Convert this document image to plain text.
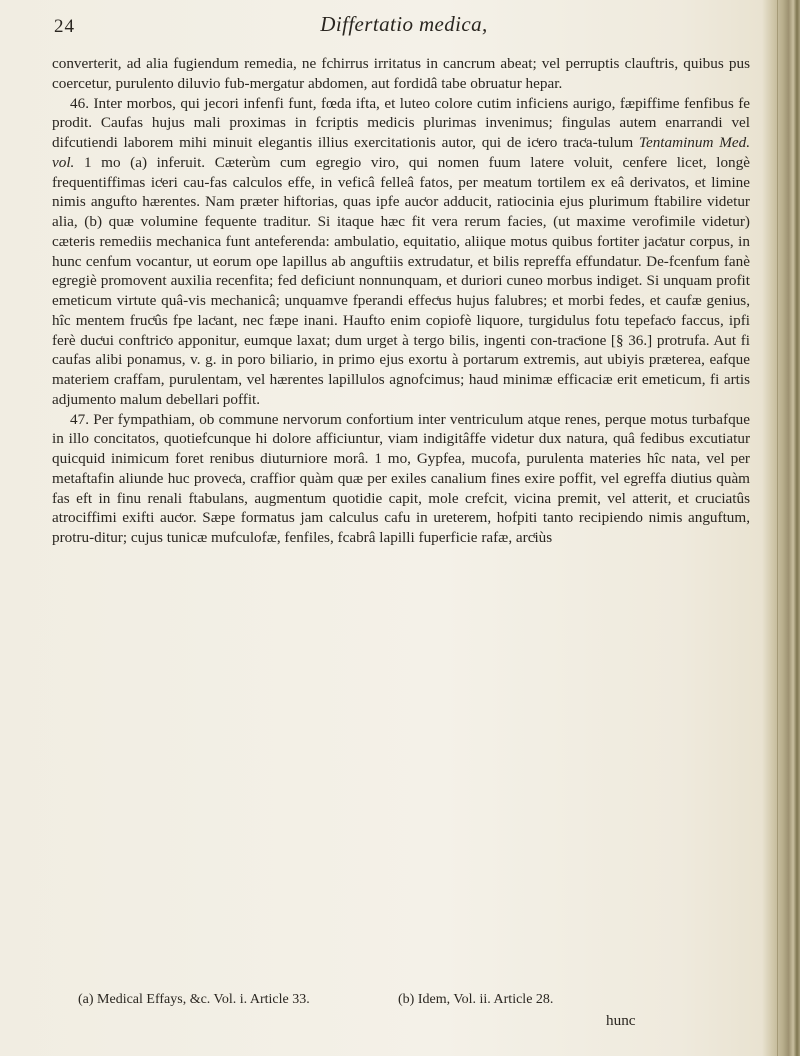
24	Differtatio medica,

converterit, ad alia fugiendum remedia, ne fchirrus irritatus in cancrum abeat; vel perruptis clauftris, quibus pus coercetur, purulento diluvio fub-mergatur abdomen, aut fordidâ tabe obruatur hepar.

46. Inter morbos, qui jecori infenfi funt, fœda ifta, et luteo colore cutim inficiens aurigo, fæpiffime fenfibus fe prodit. Caufas hujus mali proximas in fcriptis medicis plurimas invenimus; fingulas autem enarrandi vel difcutiendi laborem mihi minuit elegantis illius exercitationis autor, qui de icͭero tracͭa-tulum Tentaminum Med. vol. 1 mo (a) inferuit. Cæterùm cum egregio viro, qui nomen fuum latere voluit, cenfere licet, longè frequentiffimas icͭeri cau-fas calculos effe, in veficâ felleâ fatos, per meatum tortilem ex eâ derivatos, et limine nimis angufto hærentes. Nam præter hiftorias, quas ipfe aucͭor adducit, ratiocinia ejus plurimum ftabilire videtur alia, (b) quæ volumine fequente traditur. Si itaque hæc fit vera rerum facies, (ut maxime verofimile videtur) cæteris remediis mechanica funt anteferenda: ambulatio, equitatio, aliique motus quibus fortiter jacͭatur corpus, in hunc cenfum vocantur, ut eorum ope lapillus ab anguftiis extrudatur, et bilis repreffa effundatur. De-fcenfum fanè egregiè promovent auxilia recenfita; fed deficiunt nonnunquam, et duriori cuneo morbus indiget. Si unquam profit emeticum virtute quâ-vis mechanicâ; unquamve fperandi effecͭus hujus falubres; et morbi fedes, et caufæ genius, hîc mentem frucͭûs fpe lacͭant, nec fæpe inani. Haufto enim copiofè liquore, turgidulus fotu tepefacͭo faccus, ipfi ferè ducͭui conftricͭo apponitur, eumque laxat; dum urget à tergo bilis, ingenti con-tracͭione [§ 36.] protrufa. Aut fi caufas alibi ponamus, v. g. in poro biliario, in primo ejus exortu à portarum extremis, aut ubiyis præterea, eafque materiem craffam, purulentam, vel hærentes lapillulos agnofcimus; haud minimæ efficaciæ erit emeticum, fi artis adjumento malum debellari poffit.

47. Per fympathiam, ob commune nervorum confortium inter ventriculum atque renes, perque motus turbafque in illo concitatos, quotiefcunque hi dolore afficiuntur, viam indigitâffe videtur dux natura, quâ fedibus excutiatur quicquid inimicum foret renibus diuturniore morâ. 1 mo, Gypfea, mucofa, purulenta materies hîc nata, vel per metaftafin aliunde huc provecͭa, craffior quàm quæ per exiles canalium fines exire poffit, vel egreffa diutius quàm fas eft in finu renali ftabulans, augmentum quotidie capit, mole crefcit, vicina premit, vel atterit, et cruciatûs atrociffimi exifti aucͭor. Sæpe formatus jam calculus cafu in ureterem, hofpiti tanto recipiendo nimis anguftum, protru-ditur; cujus tunicæ mufculofæ, fenfiles, fcabrâ lapilli fuperficie rafæ, arcͭiùs

(a) Medical Effays, &c. Vol. i. Article 33.	(b) Idem, Vol. ii. Article 28.
hunc
